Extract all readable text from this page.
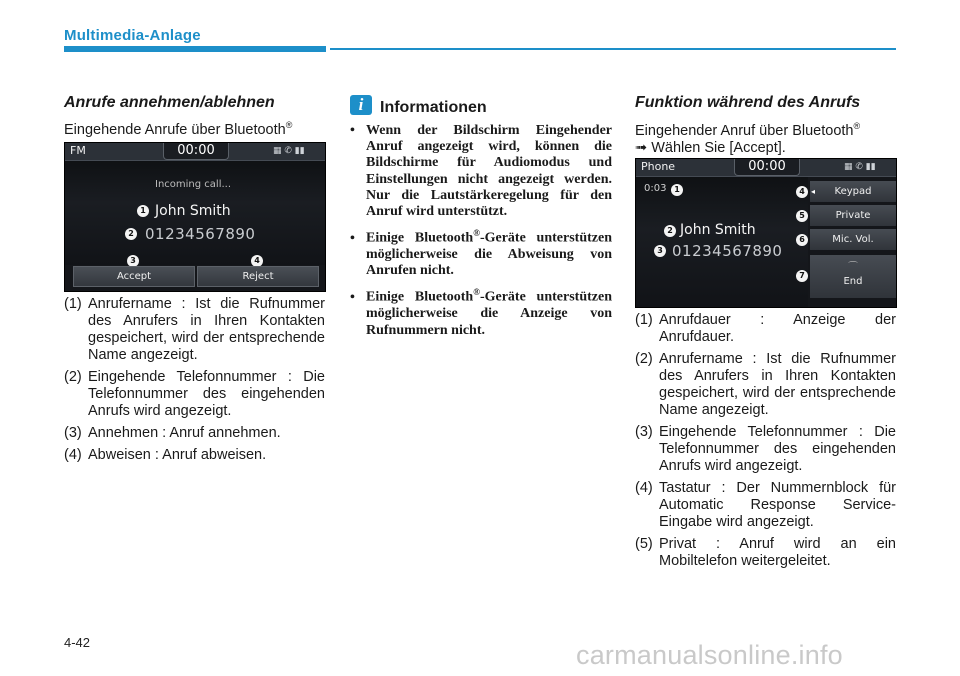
Multimedia-Anlage
Anrufe annehmen/ablehnen
Eingehende Anrufe über Bluetooth®
FM	00:00	▦ ✆ ▮▮
Incoming call...
1 John Smith
2 01234567890
3	4
Accept	Reject
(1) Anrufername : Ist die Rufnummer des Anrufers in Ihren Kontakten gespeichert, wird der entsprechende Name angezeigt.
(2) Eingehende Telefonnummer : Die Telefonnummer des eingehenden Anrufs wird angezeigt.
(3) Annehmen : Anruf annehmen.
(4) Abweisen : Anruf abweisen.
i	Informationen
• Wenn der Bildschirm Eingehender Anruf angezeigt wird, können die Bildschirme für Audiomodus und Einstellungen nicht angezeigt werden. Nur die Lautstärkeregelung für den Anruf wird unterstützt.
• Einige Bluetooth®-Geräte unterstützen möglicherweise die Abweisung von Anrufen nicht.
• Einige Bluetooth®-Geräte unterstützen möglicherweise die Anzeige von Rufnummern nicht.
Funktion während des Anrufs
Eingehender Anruf über Bluetooth®
➟ Wählen Sie [Accept].
Phone	00:00	▦ ✆ ▮▮
0:03 1
2 John Smith
3 01234567890
Keypad
Private
Mic. Vol.
⌒
End
4 ◂
5
6
7
(1) Anrufdauer : Anzeige der Anrufdauer.
(2) Anrufername : Ist die Rufnummer des Anrufers in Ihren Kontakten gespeichert, wird der entsprechende Name angezeigt.
(3) Eingehende Telefonnummer : Die Telefonnummer des eingehenden Anrufs wird angezeigt.
(4) Tastatur : Der Nummernblock für Automatic Response Service-Eingabe wird angezeigt.
(5) Privat : Anruf wird an ein Mobiltelefon weitergeleitet.
4-42	carmanualsonline.info
